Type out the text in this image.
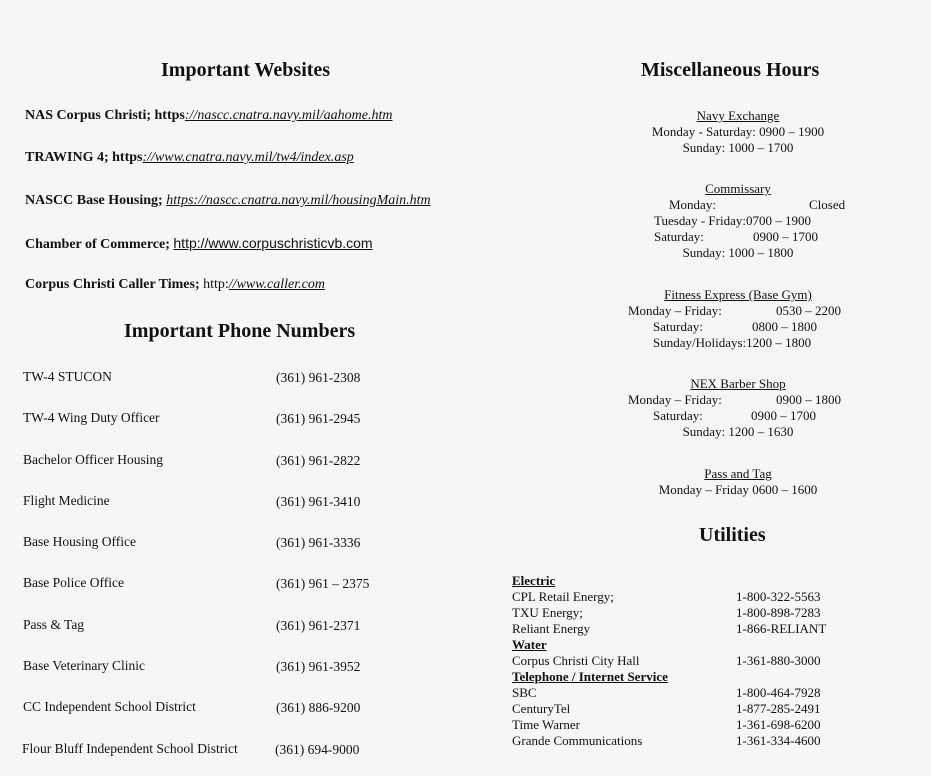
Important Websites
NAS Corpus Christi; https://nascc.cnatra.navy.mil/aahome.htm
TRAWING 4; https://www.cnatra.navy.mil/tw4/index.asp
NASCC Base Housing; https://nascc.cnatra.navy.mil/housingMain.htm
Chamber of Commerce; http://www.corpuschristicvb.com
Corpus Christi Caller Times; http://www.caller.com
Important Phone Numbers
TW-4 STUCON	(361) 961-2308
TW-4 Wing Duty Officer	(361) 961-2945
Bachelor Officer Housing	(361) 961-2822
Flight Medicine	(361) 961-3410
Base Housing Office	(361) 961-3336
Base Police Office	(361) 961 – 2375
Pass & Tag	(361) 961-2371
Base Veterinary Clinic	(361) 961-3952
CC Independent School District	(361) 886-9200
Flour Bluff Independent School District	(361) 694-9000
Miscellaneous Hours
Navy Exchange
Monday - Saturday: 0900 – 1900
Sunday: 1000 – 1700
Commissary
Monday:	Closed
Tuesday - Friday: 0700 – 1900
Saturday:	0900 – 1700
Sunday: 1000 – 1800
Fitness Express (Base Gym)
Monday – Friday:	0530 – 2200
Saturday:	0800 – 1800
Sunday/Holidays: 1200 – 1800
NEX Barber Shop
Monday – Friday:	0900 – 1800
Saturday:	0900 – 1700
Sunday: 1200 – 1630
Pass and Tag
Monday – Friday 0600 – 1600
Utilities
Electric
CPL Retail Energy;	1-800-322-5563
TXU Energy;	1-800-898-7283
Reliant Energy	1-866-RELIANT
Water
Corpus Christi City Hall	1-361-880-3000
Telephone / Internet Service
SBC	1-800-464-7928
CenturyTel	1-877-285-2491
Time Warner	1-361-698-6200
Grande Communications	1-361-334-4600
